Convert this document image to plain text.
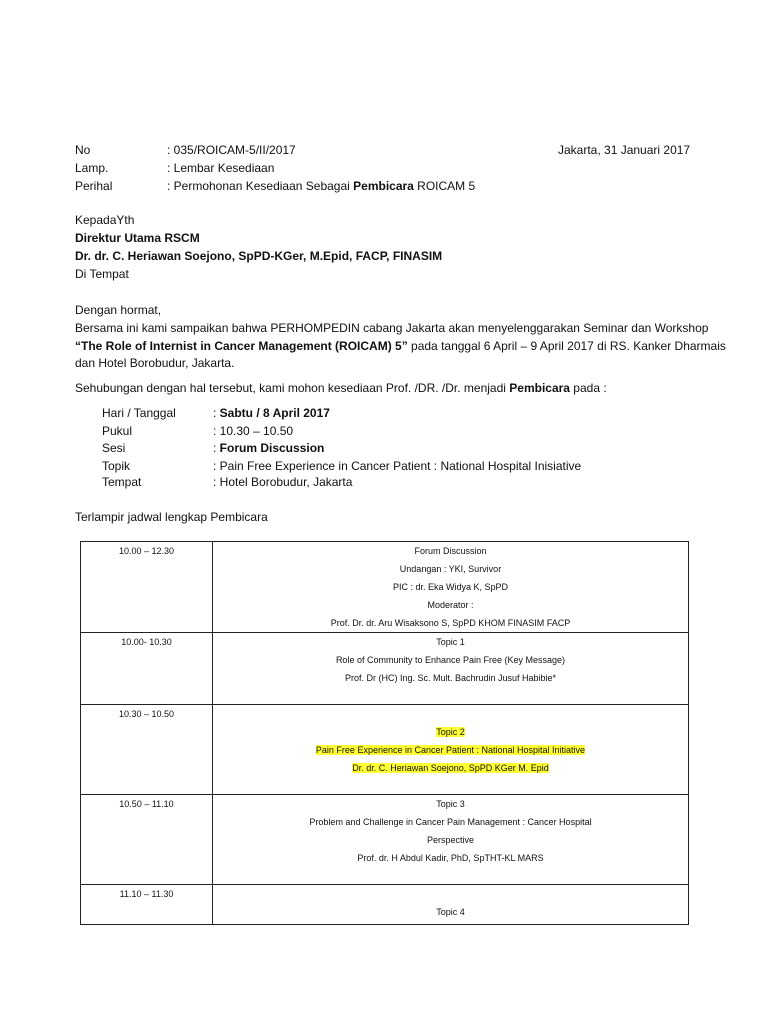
No	: 035/ROICAM-5/II/2017	Jakarta, 31 Januari 2017
Lamp.	: Lembar Kesediaan
Perihal	: Permohonan Kesediaan Sebagai Pembicara ROICAM 5
KepadaYth
Direktur Utama RSCM
Dr. dr. C. Heriawan Soejono, SpPD-KGer, M.Epid, FACP, FINASIM
Di Tempat
Dengan hormat,
Bersama ini kami sampaikan bahwa PERHOMPEDIN cabang Jakarta akan menyelenggarakan Seminar dan Workshop
“The Role of Internist in Cancer Management (ROICAM) 5” pada tanggal 6 April – 9 April 2017 di RS. Kanker Dharmais
dan Hotel Borobudur, Jakarta.
Sehubungan dengan hal tersebut, kami mohon kesediaan Prof. /DR. /Dr. menjadi Pembicara pada :
Hari / Tanggal	: Sabtu / 8 April 2017
Pukul	: 10.30 – 10.50
Sesi	: Forum Discussion
Topik	: Pain Free Experience in Cancer Patient : National Hospital Inisiative
Tempat	: Hotel Borobudur, Jakarta
Terlampir jadwal lengkap Pembicara
10.00 – 12.30	Forum Discussion
Undangan : YKI, Survivor
PIC : dr. Eka Widya K, SpPD
Moderator :
Prof. Dr. dr. Aru Wisaksono S, SpPD KHOM FINASIM FACP

10.00- 10.30	Topic 1
Role of Community to Enhance Pain Free (Key Message)
Prof. Dr (HC) Ing. Sc. Mult. Bachrudin Jusuf Habibie*

10.30 – 10.50	Topic 2
Pain Free Experience in Cancer Patient : National Hospital Initiative
Dr. dr. C. Heriawan Soejono, SpPD KGer M. Epid

10.50 – 11.10	Topic 3
Problem and Challenge in Cancer Pain Management : Cancer Hospital
Perspective
Prof. dr. H Abdul Kadir, PhD, SpTHT-KL MARS

11.10 – 11.30	Topic 4
